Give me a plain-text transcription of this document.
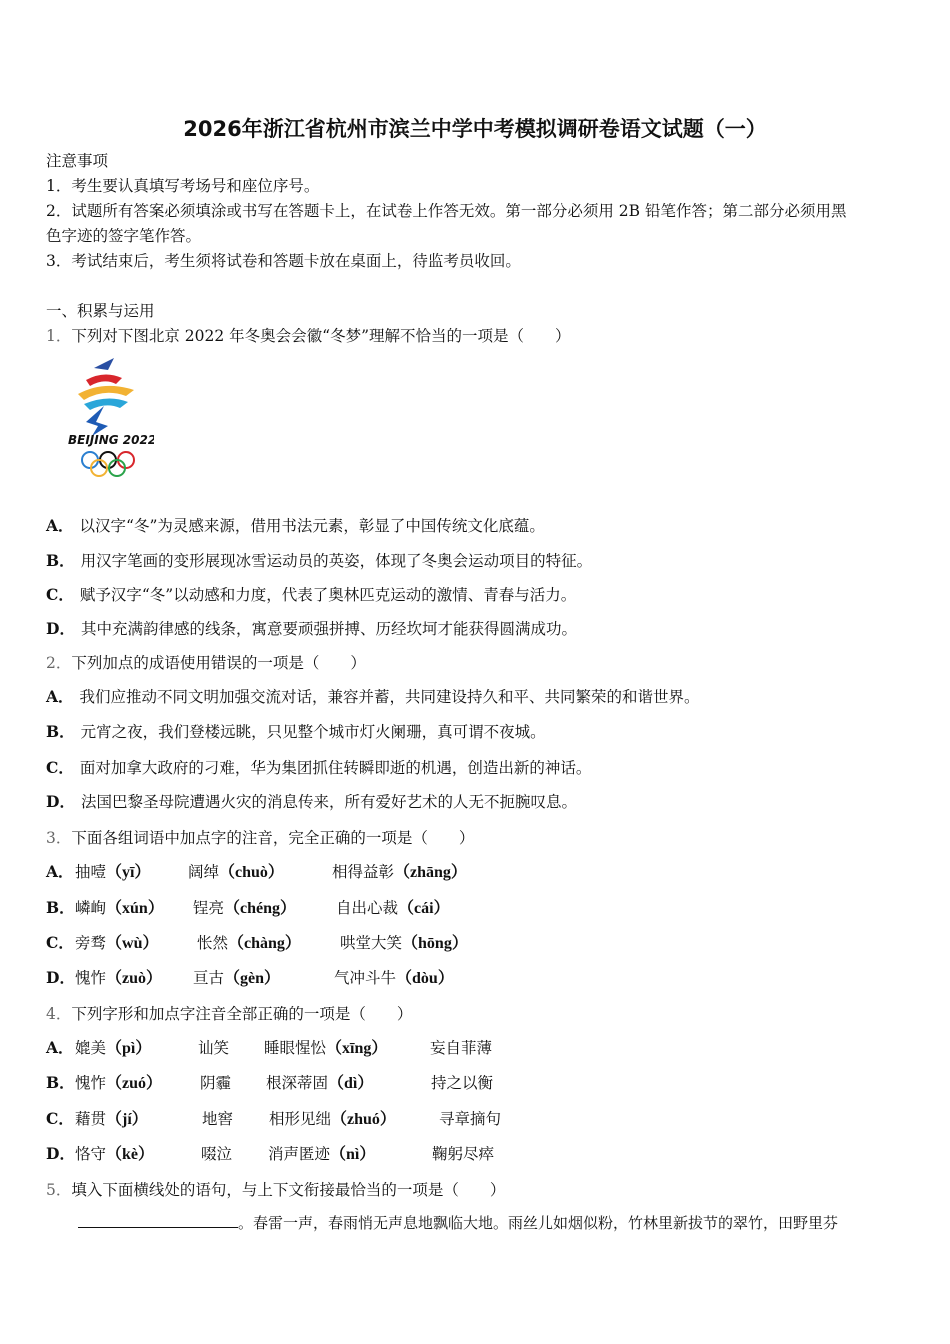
2026年浙江省杭州市滨兰中学中考模拟调研卷语文试题（一）
注意事项
1．考生要认真填写考场号和座位序号。
2．试题所有答案必须填涂或书写在答题卡上，在试卷上作答无效。第一部分必须用 2B 铅笔作答；第二部分必须用黑
色字迹的签字笔作答。
3．考试结束后，考生须将试卷和答题卡放在桌面上，待监考员收回。
一、积累与运用
1．下列对下图北京 2022 年冬奥会会徽“冬梦”理解不恰当的一项是（　　）
BEIJING 2022
A． 以汉字“冬”为灵感来源，借用书法元素，彰显了中国传统文化底蕴。
B． 用汉字笔画的变形展现冰雪运动员的英姿，体现了冬奥会运动项目的特征。
C． 赋予汉字“冬”以动感和力度，代表了奥林匹克运动的激情、青春与活力。
D． 其中充满韵律感的线条，寓意要顽强拼搏、历经坎坷才能获得圆满成功。
2．下列加点的成语使用错误的一项是（　　）
A． 我们应推动不同文明加强交流对话，兼容并蓄，共同建设持久和平、共同繁荣的和谐世界。
B． 元宵之夜，我们登楼远眺，只见整个城市灯火阑珊，真可谓不夜城。
C． 面对加拿大政府的刁难，华为集团抓住转瞬即逝的机遇，创造出新的神话。
D． 法国巴黎圣母院遭遇火灾的消息传来，所有爱好艺术的人无不扼腕叹息。
3．下面各组词语中加点字的注音，完全正确的一项是（　　）
A． 抽噎（yī） 阔绰（chuò）	相得益彰（zhāng）
B． 嶙峋（xún） 锃亮（chéng）	自出心裁（cái）
C． 旁骛（wù） 怅然（chàng）	哄堂大笑（hōng）
D． 愧怍（zuò） 亘古（gèn）	气冲斗牛（dòu）
4．下列字形和加点字注音全部正确的一项是（　　）
A． 媲美（pì）	讪笑 睡眼惺忪（xīng）	妄自菲薄
B． 愧怍（zuó） 阴霾 根深蒂固（dì）	持之以衡
C． 藉贯（jí）	地窖 相形见绌（zhuó）	寻章摘句
D． 恪守（kè）	啜泣 消声匿迹（nì）	鞠躬尽瘁
5．填入下面横线处的语句，与上下文衔接最恰当的一项是（　　）
。春雷一声，春雨悄无声息地飘临大地。雨丝儿如烟似粉，竹林里新拔节的翠竹，田野里芬
